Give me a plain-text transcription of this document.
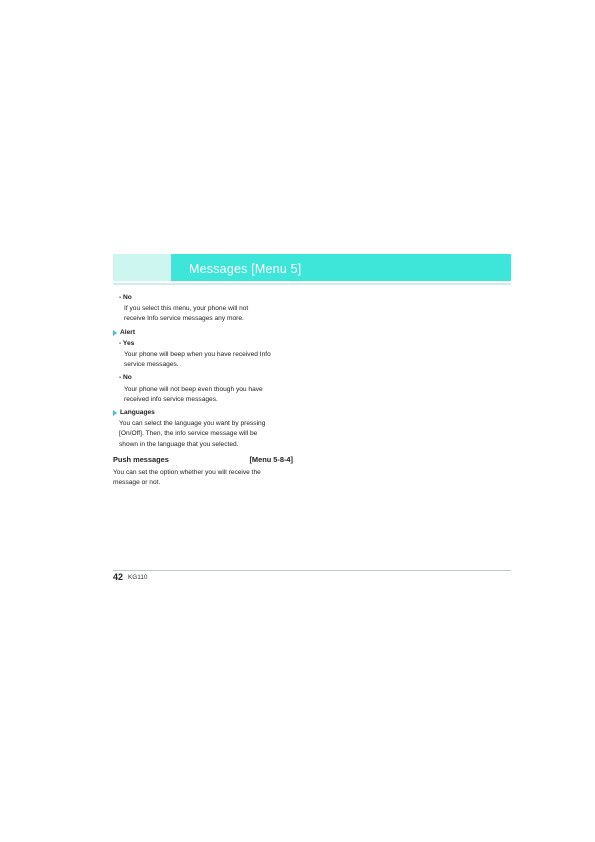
Messages [Menu 5]
- No
If you select this menu, your phone will not
receive Info service messages any more.
Alert
- Yes
Your phone will beep when you have received Info
service messages.
- No
Your phone will not beep even though you have
received info service messages.
Languages
You can select the language you want by pressing
[On/Off]. Then, the info service message will be
shown in the language that you selected.
Push messages	[Menu 5-8-4]
You can set the option whether you will receive the
message or not.
42 KG110
